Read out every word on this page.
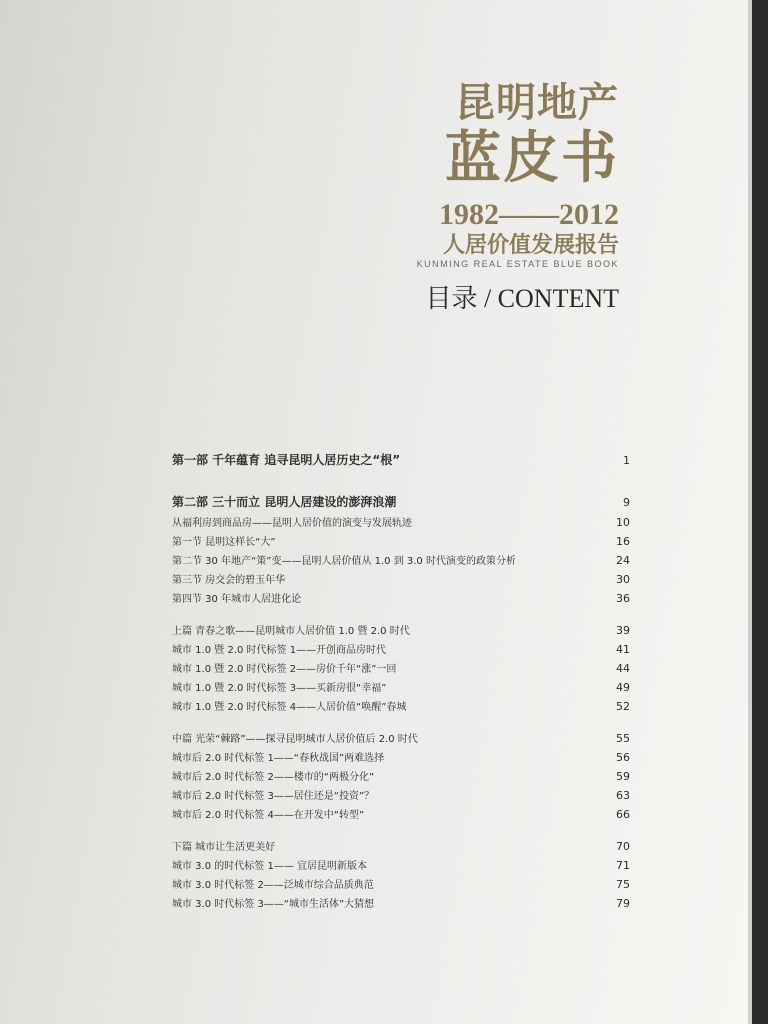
昆明地产
蓝皮书
1982——2012
人居价值发展报告
KUNMING REAL ESTATE BLUE BOOK
目录 / CONTENT
第一部 千年蕴育 追寻昆明人居历史之“根”	1
第二部 三十而立 昆明人居建设的澎湃浪潮	9
从福利房到商品房——昆明人居价值的演变与发展轨迹	10
第一节 昆明这样长“大”	16
第二节 30 年地产“策”变——昆明人居价值从 1.0 到 3.0 时代演变的政策分析	24
第三节 房交会的碧玉年华	30
第四节 30 年城市人居进化论	36
上篇 青春之歌——昆明城市人居价值 1.0 暨 2.0 时代	39
城市 1.0 暨 2.0 时代标签 1——开创商品房时代	41
城市 1.0 暨 2.0 时代标签 2——房价千年“涨”一回	44
城市 1.0 暨 2.0 时代标签 3——买新房很“幸福”	49
城市 1.0 暨 2.0 时代标签 4——人居价值“唤醒”春城	52
中篇 光荣“棘路”——探寻昆明城市人居价值后 2.0 时代	55
城市后 2.0 时代标签 1——“春秋战国”两难选择	56
城市后 2.0 时代标签 2——楼市的“两极分化”	59
城市后 2.0 时代标签 3——居住还是“投资”？	63
城市后 2.0 时代标签 4——在开发中“转型”	66
下篇 城市让生活更美好	70
城市 3.0 的时代标签 1—— 宜居昆明新版本	71
城市 3.0 时代标签 2——泛城市综合品质典范	75
城市 3.0 时代标签 3——“城市生活体”大猜想	79
